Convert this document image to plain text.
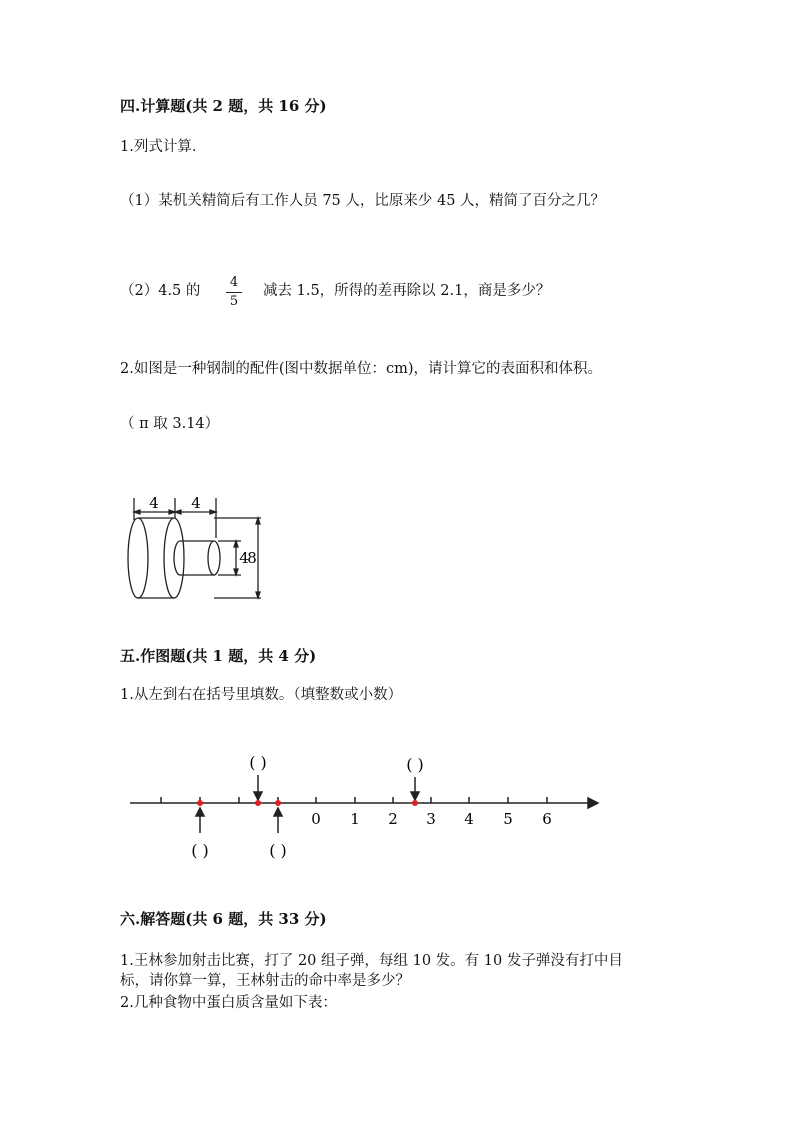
四.计算题(共 2 题，共 16 分)
1.列式计算.
（1）某机关精简后有工作人员 75 人，比原来少 45 人，精简了百分之几？
（2）4.5 的
4
5
减去 1.5，所得的差再除以 2.1，商是多少？
2.如图是一种钢制的配件(图中数据单位：cm)，请计算它的表面积和体积。
（ π 取 3.14）
4 4
4
8
五.作图题(共 1 题，共 4 分)
1.从左到右在括号里填数。（填整数或小数）
0 1 2 3 4 5 6
( )	( )
( )	( )
六.解答题(共 6 题，共 33 分)
1.王林参加射击比赛，打了 20 组子弹，每组 10 发。有 10 发子弹没有打中目
标，请你算一算，王林射击的命中率是多少？
2.几种食物中蛋白质含量如下表：
